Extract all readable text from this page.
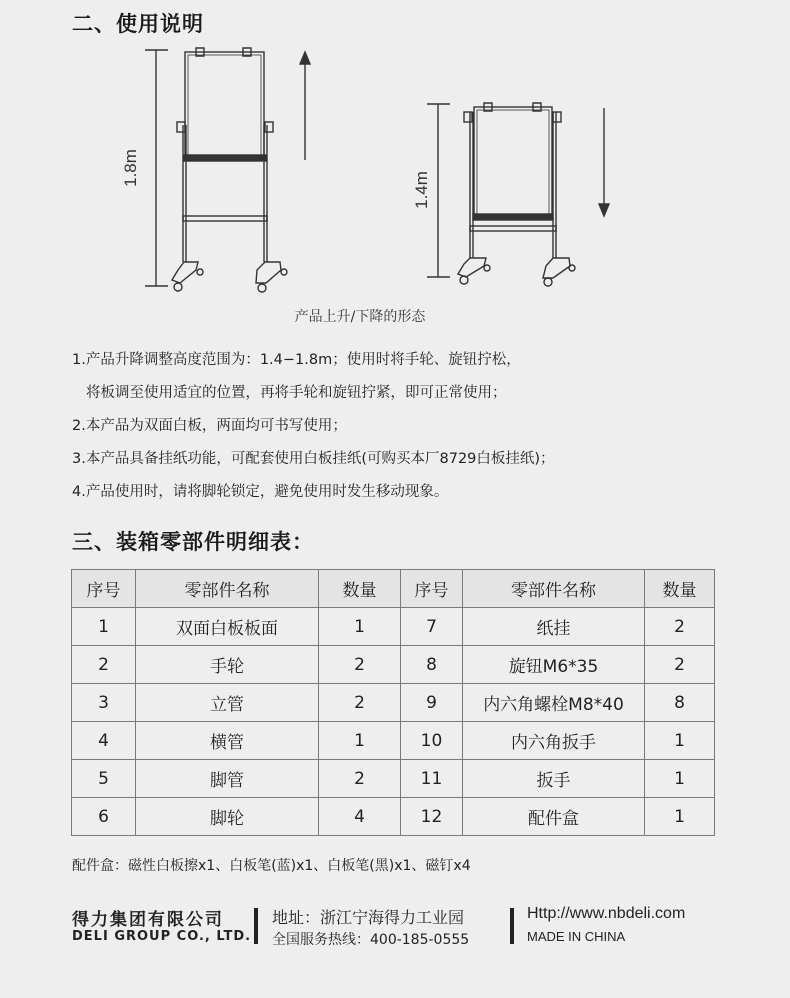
二、使用说明
1.8m
1.4m
产品上升/下降的形态
1.产品升降调整高度范围为：1.4−1.8m；使用时将手轮、旋钮拧松，
将板调至使用适宜的位置，再将手轮和旋钮拧紧，即可正常使用；
2.本产品为双面白板，两面均可书写使用；
3.本产品具备挂纸功能，可配套使用白板挂纸(可购买本厂8729白板挂纸)；
4.产品使用时，请将脚轮锁定，避免使用时发生移动现象。
三、装箱零部件明细表：
序号	零部件名称	数量	序号	零部件名称	数量
1	双面白板板面	1	7	纸挂	2
2	手轮	2	8	旋钮M6*35	2
3	立管	2	9	内六角螺栓M8*40	8
4	横管	1	10	内六角扳手	1
5	脚管	2	11	扳手	1
6	脚轮	4	12	配件盒	1
配件盒：磁性白板擦x1、白板笔(蓝)x1、白板笔(黑)x1、磁钉x4
得力集团有限公司
DELI GROUP CO., LTD.
地址：浙江宁海得力工业园
全国服务热线：400-185-0555
Http://www.nbdeli.com
MADE IN CHINA
